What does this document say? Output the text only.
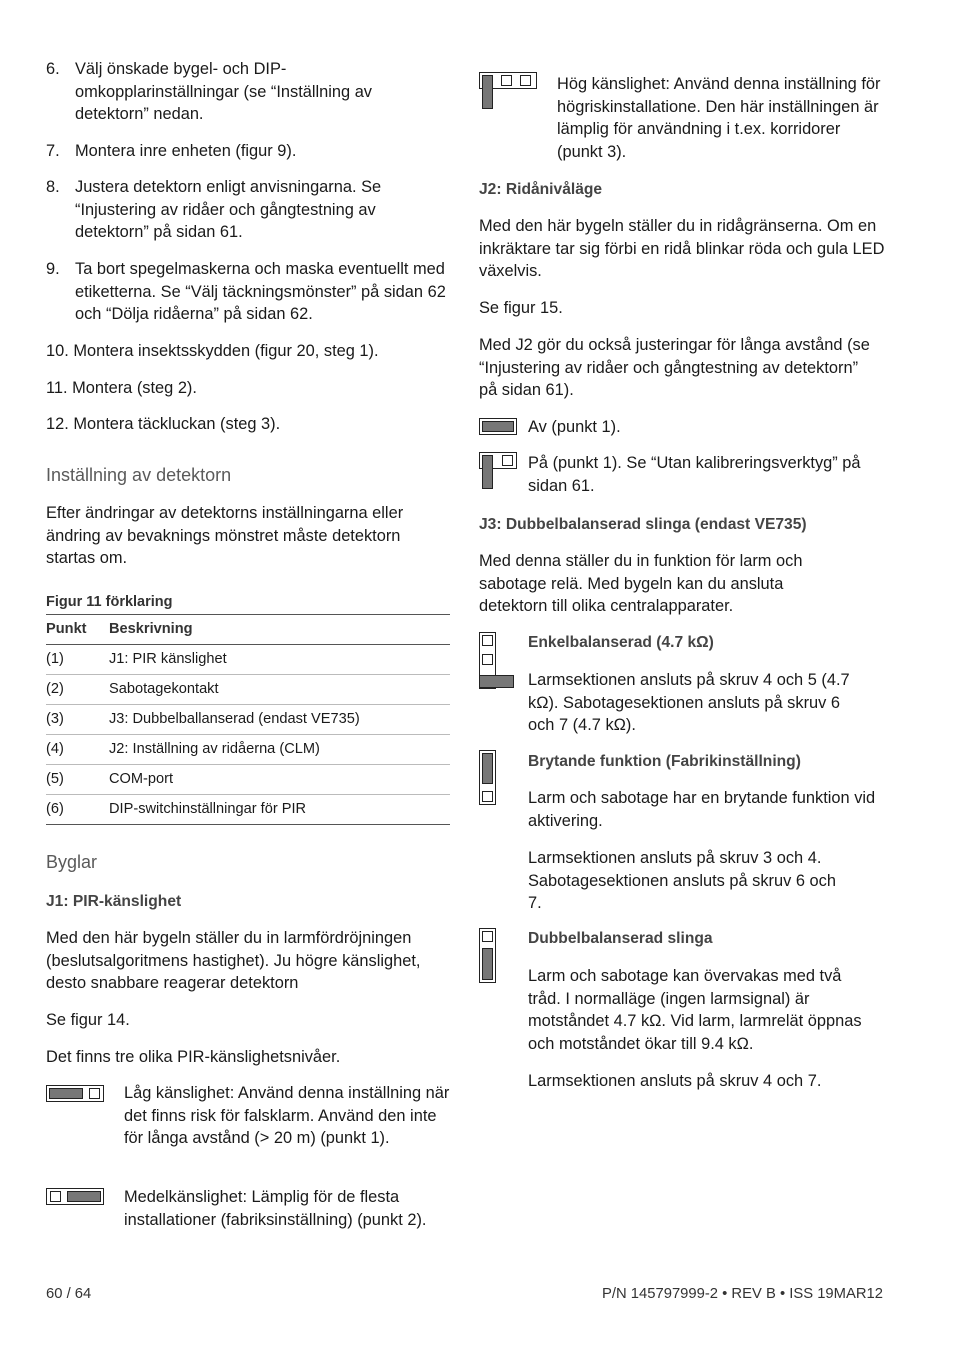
6. Välj önskade bygel- och DIP-omkopplarinställningar (se “Inställning av detektorn” nedan.
7. Montera inre enheten (figur 9).
8. Justera detektorn enligt anvisningarna. Se “Injustering av ridåer och gångtestning av detektorn” på sidan 61.
9. Ta bort spegelmaskerna och maska eventuellt med etiketterna. Se “Välj täckningsmönster” på sidan 62 och “Dölja ridåerna” på sidan 62.
10. Montera insektsskydden (figur 20, steg 1).
11. Montera (steg 2).
12. Montera täckluckan (steg 3).
Inställning av detektorn

Efter ändringar av detektorns inställningarna eller ändring av bevaknings mönstret måste detektorn startas om.

Figur 11 förklaring
Punkt	Beskrivning
(1)	J1: PIR känslighet
(2)	Sabotagekontakt
(3)	J3: Dubbelballanserad (endast VE735)
(4)	J2: Inställning av ridåerna (CLM)
(5)	COM-port
(6)	DIP-switchinställningar för PIR
Byglar
J1: PIR-känslighet

Med den här bygeln ställer du in larmfördröjningen (beslutsalgoritmens hastighet). Ju högre känslighet, desto snabbare reagerar detektorn

Se figur 14.

Det finns tre olika PIR-känslighetsnivåer.

Låg känslighet: Använd denna inställning när det finns risk för falsklarm. Använd den inte för långa avstånd (> 20 m) (punkt 1).

Medelkänslighet: Lämplig för de flesta installationer (fabriksinställning) (punkt 2).

Hög känslighet: Använd denna inställning för högriskinstallatione. Den här inställningen är lämplig för användning i t.ex. korridorer (punkt 3).

J2: Ridånivåläge

Med den här bygeln ställer du in ridågränserna. Om en inkräktare tar sig förbi en ridå blinkar röda och gula LED växelvis.

Se figur 15.

Med J2 gör du också justeringar för långa avstånd (se “Injustering av ridåer och gångtestning av detektorn” på sidan 61).

Av (punkt 1).

På (punkt 1). Se “Utan kalibreringsverktyg” på sidan 61.

J3: Dubbelbalanserad slinga (endast VE735)

Med denna ställer du in funktion för larm och sabotage relä. Med bygeln kan du ansluta detektorn till olika centralapparater.

Enkelbalanserad (4.7 kΩ)

Larmsektionen ansluts på skruv 4 och 5 (4.7 kΩ). Sabotagesektionen ansluts på skruv 6 och 7 (4.7 kΩ).

Brytande funktion (Fabrikinställning)

Larm och sabotage har en brytande funktion vid aktivering.

Larmsektionen ansluts på skruv 3 och 4. Sabotagesektionen ansluts på skruv 6 och 7.

Dubbelbalanserad slinga

Larm och sabotage kan övervakas med två tråd. I normalläge (ingen larmsignal) är motståndet 4.7 kΩ. Vid larm, larmrelät öppnas och motståndet ökar till 9.4 kΩ.

Larmsektionen ansluts på skruv 4 och 7.

60 / 64	P/N 145797999-2 • REV B • ISS 19MAR12
